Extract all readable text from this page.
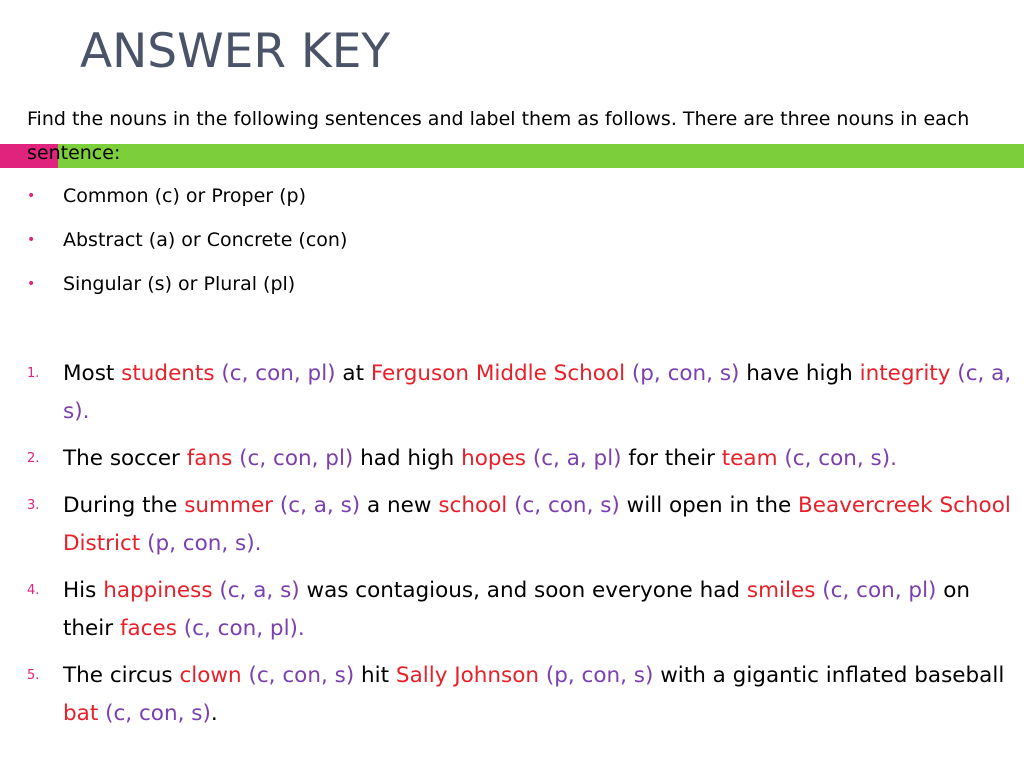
ANSWER KEY
Find the nouns in the following sentences and label them as follows. There are three nouns in each sentence:
• Common (c) or Proper (p)
• Abstract (a) or Concrete (con)
• Singular (s) or Plural (pl)
1. Most students (c, con, pl) at Ferguson Middle School (p, con, s) have high integrity (c, a, s).
2. The soccer fans (c, con, pl) had high hopes (c, a, pl) for their team (c, con, s).
3. During the summer (c, a, s) a new school (c, con, s) will open in the Beavercreek School District (p, con, s).
4. His happiness (c, a, s) was contagious, and soon everyone had smiles (c, con, pl) on their faces (c, con, pl).
5. The circus clown (c, con, s) hit Sally Johnson (p, con, s) with a gigantic inflated baseball bat (c, con, s).
